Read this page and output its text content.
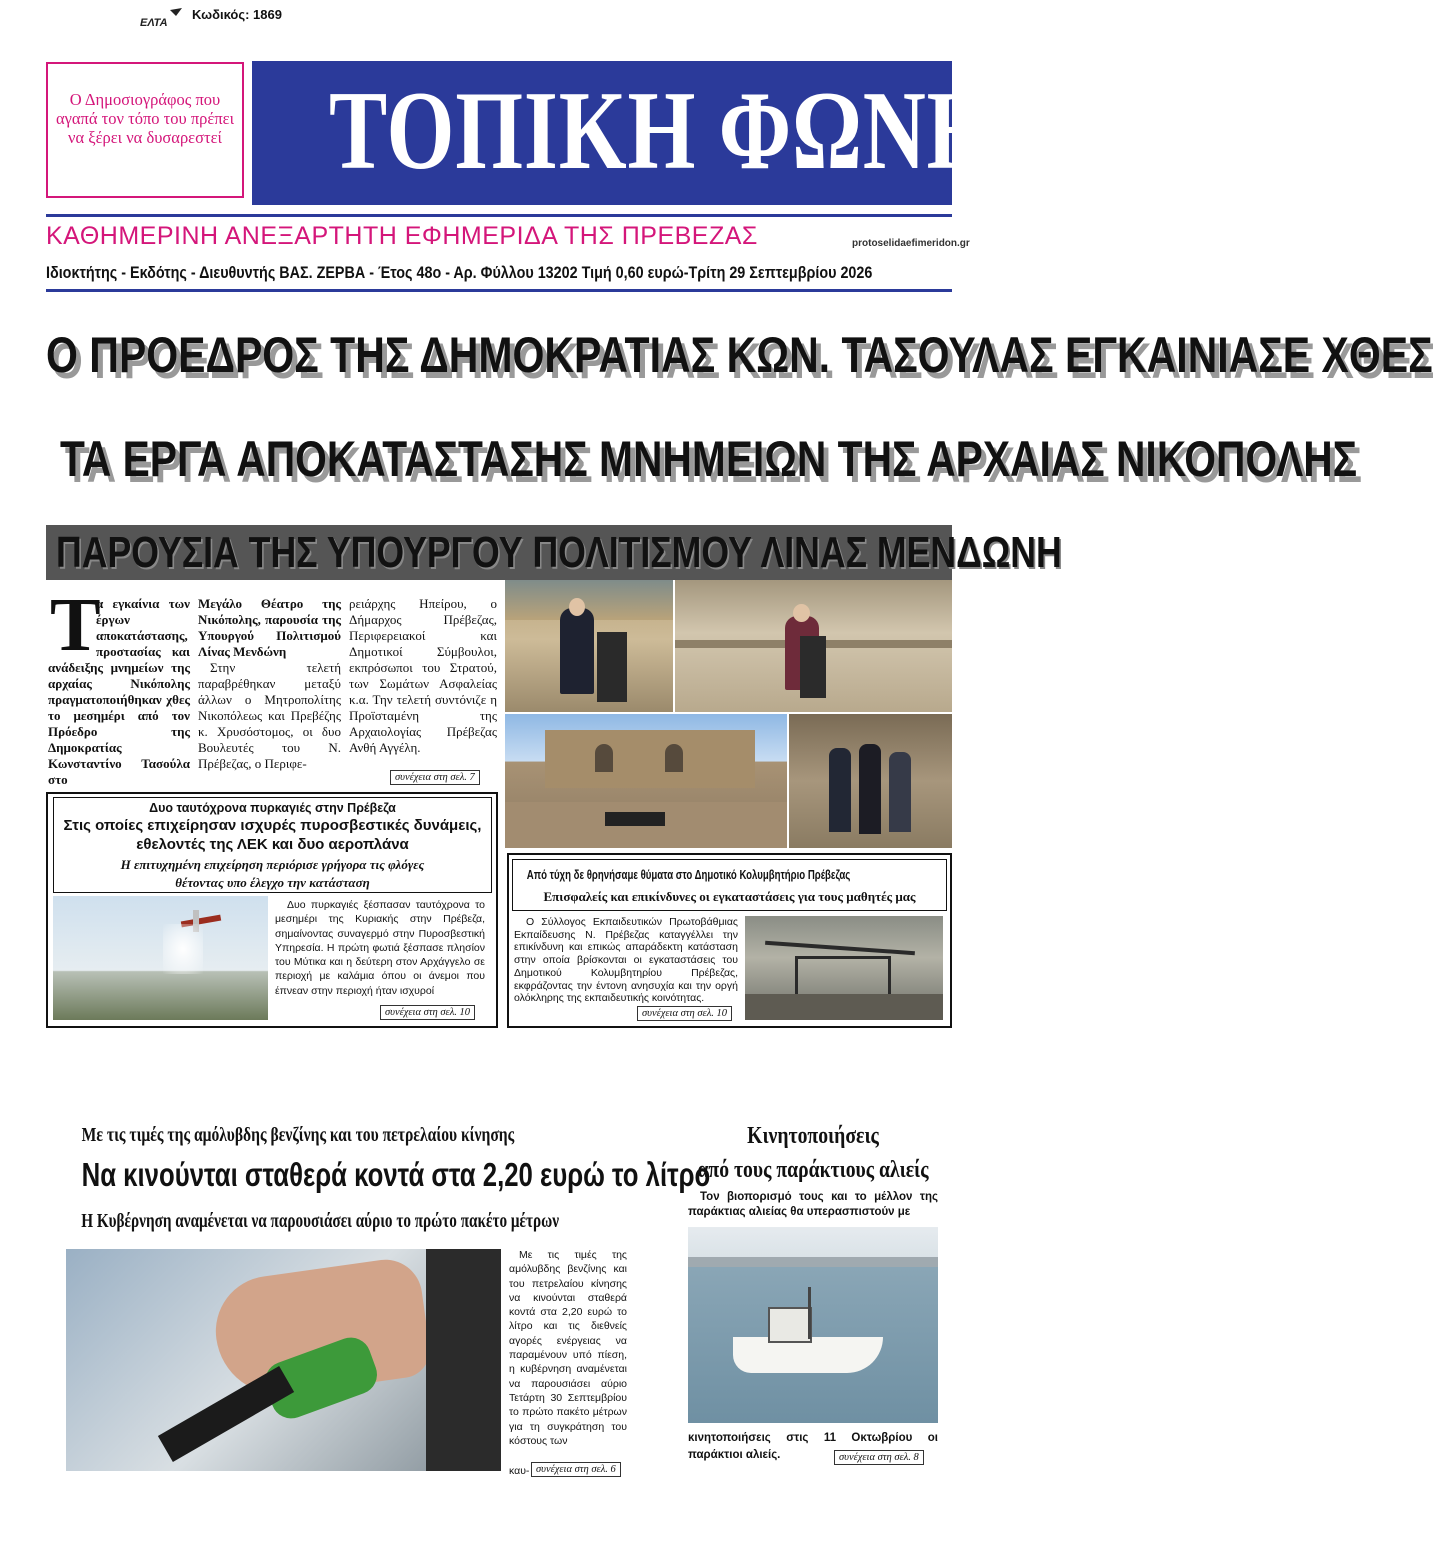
ΕΛΤΑ
Κωδικός: 1869
Ο Δημοσιογράφος που αγαπά τον τόπο του πρέπει να ξέρει να δυσαρεστεί ΤΟΠΙΚΗ ΦΩΝΗ
ΚΑΘΗΜΕΡΙΝΗ ΑΝΕΞΑΡΤΗΤΗ ΕΦΗΜΕΡΙΔΑ ΤΗΣ ΠΡΕΒΕΖΑΣ	protoselidaefimeridon.gr
Ιδιοκτήτης - Εκδότης - Διευθυντής ΒΑΣ. ΖΕΡΒΑ - Έτος 48ο - Αρ. Φύλλου 13202 Τιμή 0,60 ευρώ-Τρίτη 29 Σεπτεμβρίου 2026
Ο ΠΡΟΕΔΡΟΣ ΤΗΣ ΔΗΜΟΚΡΑΤΙΑΣ ΚΩΝ. ΤΑΣΟΥΛΑΣ ΕΓΚΑΙΝΙΑΣΕ ΧΘΕΣ
ΤΑ ΕΡΓΑ ΑΠΟΚΑΤΑΣΤΑΣΗΣ ΜΝΗΜΕΙΩΝ ΤΗΣ ΑΡΧΑΙΑΣ ΝΙΚΟΠΟΛΗΣ
ΠΑΡΟΥΣΙΑ ΤΗΣ ΥΠΟΥΡΓΟΥ ΠΟΛΙΤΙΣΜΟΥ ΛΙΝΑΣ ΜΕΝΔΩΝΗ
Τ
α εγκαίνια των έργων αποκατάστασης, προστασίας και ανάδειξης μνημείων της αρχαίας Νικόπολης πραγματοποιήθηκαν χθες το μεσημέρι από τον Πρόεδρο της Δημοκρατίας Κωνσταντίνο Τασούλα στο
Μεγάλο Θέατρο της Νικόπολης, παρουσία της Υπουργού Πολιτισμού Λίνας Μενδώνη
Στην τελετή παραβρέθηκαν μεταξύ άλλων ο Μητροπολίτης Νικοπόλεως και Πρεβέζης κ. Χρυσόστομος, οι δυο Βουλευτές του Ν. Πρέβεζας, ο Περιφε-
ρειάρχης Ηπείρου, ο Δήμαρχος Πρέβεζας, Περιφερειακοί και Δημοτικοί Σύμβουλοι, εκπρόσωποι του Στρατού, των Σωμάτων Ασφαλείας κ.α. Την τελετή συντόνιζε η Προϊσταμένη της Αρχαιολογίας Πρέβεζας Ανθή Αγγέλη.
συνέχεια στη σελ. 7
Δυο ταυτόχρονα πυρκαγιές στην Πρέβεζα
Στις οποίες επιχείρησαν ισχυρές πυροσβεστικές δυνάμεις,
εθελοντές της ΛΕΚ και δυο αεροπλάνα
Η επιτυχημένη επιχείρηση περιόρισε γρήγορα τις φλόγες
θέτοντας υπο έλεγχο την κατάσταση
Δυο πυρκαγιές ξέσπασαν ταυτόχρονα το μεσημέρι της Κυριακής στην Πρέβεζα, σημαίνοντας συναγερμό στην Πυροσβεστική Υπηρεσία. Η πρώτη φωτιά ξέσπασε πλησίον του Μύτικα και η δεύτερη στον Αρχάγγελο σε περιοχή με καλάμια όπου οι άνεμοι που έπνεαν στην περιοχή ήταν ισχυροί
συνέχεια στη σελ. 10
Από τύχη δε θρηνήσαμε θύματα στο Δημοτικό Κολυμβητήριο Πρέβεζας
Επισφαλείς και επικίνδυνες οι εγκαταστάσεις για τους μαθητές μας
Ο Σύλλογος Εκπαιδευτικών Πρωτοβάθμιας Εκπαίδευσης Ν. Πρέβεζας καταγγέλλει την επικίνδυνη και επικώς απαράδεκτη κατάσταση στην οποία βρίσκονται οι εγκαταστάσεις του Δημοτικού Κολυμβητηρίου Πρέβεζας, εκφράζοντας την έντονη ανησυχία και την οργή ολόκληρης της εκπαιδευτικής κοινότητας.
συνέχεια στη σελ. 10
Με τις τιμές της αμόλυβδης βενζίνης και του πετρελαίου κίνησης
Να κινούνται σταθερά κοντά στα 2,20 ευρώ το λίτρο
Η Κυβέρνηση αναμένεται να παρουσιάσει αύριο το πρώτο πακέτο μέτρων
Με τις τιμές της αμόλυβδης βενζίνης και του πετρελαίου κίνησης να κινούνται σταθερά κοντά στα 2,20 ευρώ το λίτρο και τις διεθνείς αγορές ενέργειας να παραμένουν υπό πίεση, η κυβέρνηση αναμένεται να παρουσιάσει αύριο Τετάρτη 30 Σεπτεμβρίου το πρώτο πακέτο μέτρων για τη συγκράτηση του κόστους των
καυ- συνέχεια στη σελ. 6
Κινητοποιήσεις
από τους παράκτιους αλιείς
Τον βιοπορισμό τους και το μέλλον της παράκτιας αλιείας θα υπερασπιστούν με
κινητοποιήσεις στις 11 Οκτωβρίου οι παράκτιοι αλιείς.	συνέχεια στη σελ. 8
